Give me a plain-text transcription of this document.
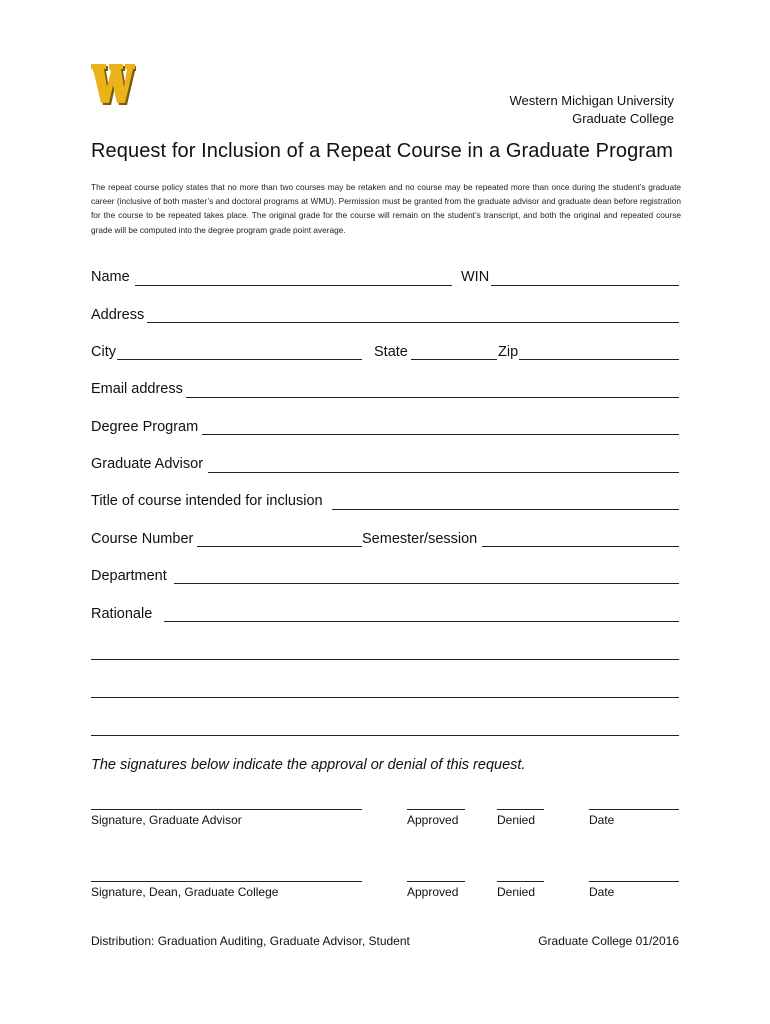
Western Michigan University
Graduate College
Request for Inclusion of a Repeat Course in a Graduate Program
The repeat course policy states that no more than two courses may be retaken and no course may be repeated more than once during the student’s graduate career (inclusive of both master’s and doctoral programs at WMU). Permission must be granted from the graduate advisor and graduate dean before registration for the course to be repeated takes place. The original grade for the course will remain on the student’s transcript, and both the original and repeated course grade will be computed into the degree program grade point average.
Name	WIN
Address
City	State	Zip
Email address
Degree Program
Graduate Advisor
Title of course intended for inclusion
Course Number	Semester/session
Department
Rationale
The signatures below indicate the approval or denial of this request.
Signature, Graduate Advisor	Approved	Denied	Date
Signature, Dean, Graduate College	Approved	Denied	Date
Distribution: Graduation Auditing, Graduate Advisor, Student	Graduate College 01/2016
